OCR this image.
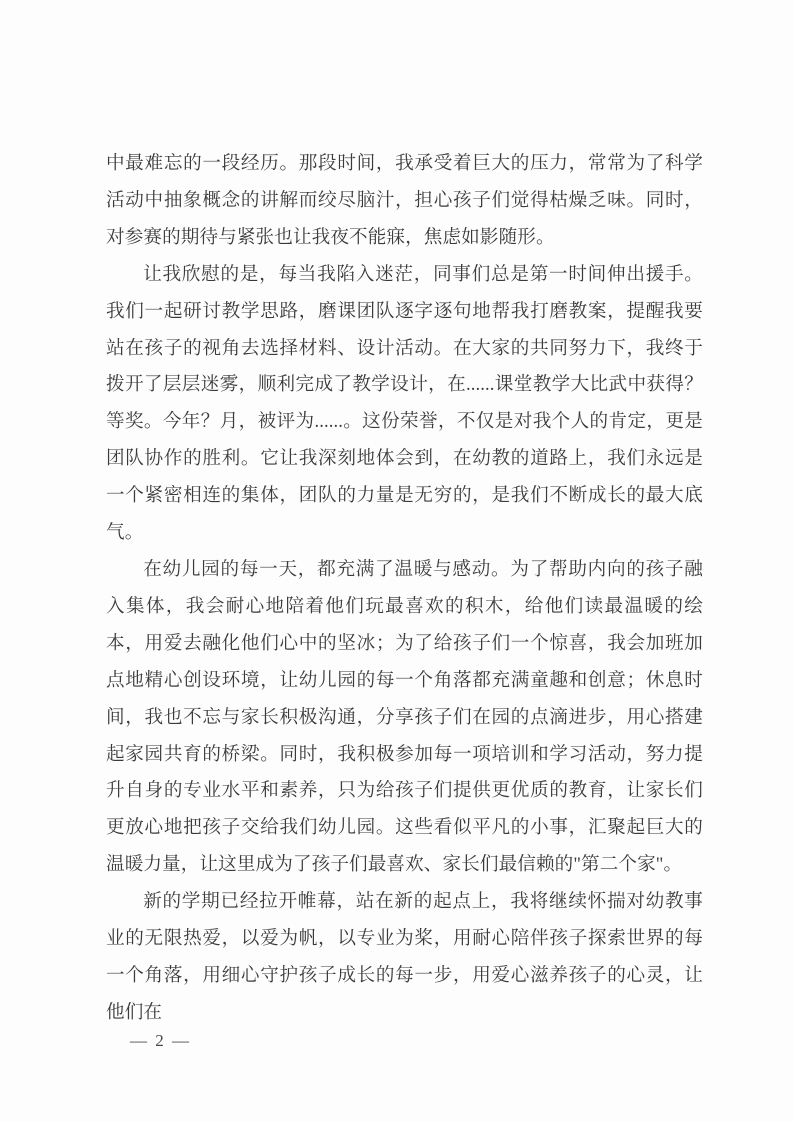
中最难忘的一段经历。那段时间，我承受着巨大的压力，常常为了科学活动中抽象概念的讲解而绞尽脑汁，担心孩子们觉得枯燥乏味。同时，对参赛的期待与紧张也让我夜不能寐，焦虑如影随形。

让我欣慰的是，每当我陷入迷茫，同事们总是第一时间伸出援手。我们一起研讨教学思路，磨课团队逐字逐句地帮我打磨教案，提醒我要站在孩子的视角去选择材料、设计活动。在大家的共同努力下，我终于拨开了层层迷雾，顺利完成了教学设计，在......课堂教学大比武中获得？等奖。今年？月，被评为......。这份荣誉，不仅是对我个人的肯定，更是团队协作的胜利。它让我深刻地体会到，在幼教的道路上，我们永远是一个紧密相连的集体，团队的力量是无穷的，是我们不断成长的最大底气。

在幼儿园的每一天，都充满了温暖与感动。为了帮助内向的孩子融入集体，我会耐心地陪着他们玩最喜欢的积木，给他们读最温暖的绘本，用爱去融化他们心中的坚冰；为了给孩子们一个惊喜，我会加班加点地精心创设环境，让幼儿园的每一个角落都充满童趣和创意；休息时间，我也不忘与家长积极沟通，分享孩子们在园的点滴进步，用心搭建起家园共育的桥梁。同时，我积极参加每一项培训和学习活动，努力提升自身的专业水平和素养，只为给孩子们提供更优质的教育，让家长们更放心地把孩子交给我们幼儿园。这些看似平凡的小事，汇聚起巨大的温暖力量，让这里成为了孩子们最喜欢、家长们最信赖的"第二个家"。

新的学期已经拉开帷幕，站在新的起点上，我将继续怀揣对幼教事业的无限热爱，以爱为帆，以专业为桨，用耐心陪伴孩子探索世界的每一个角落，用细心守护孩子成长的每一步，用爱心滋养孩子的心灵，让他们在

— 2 —
